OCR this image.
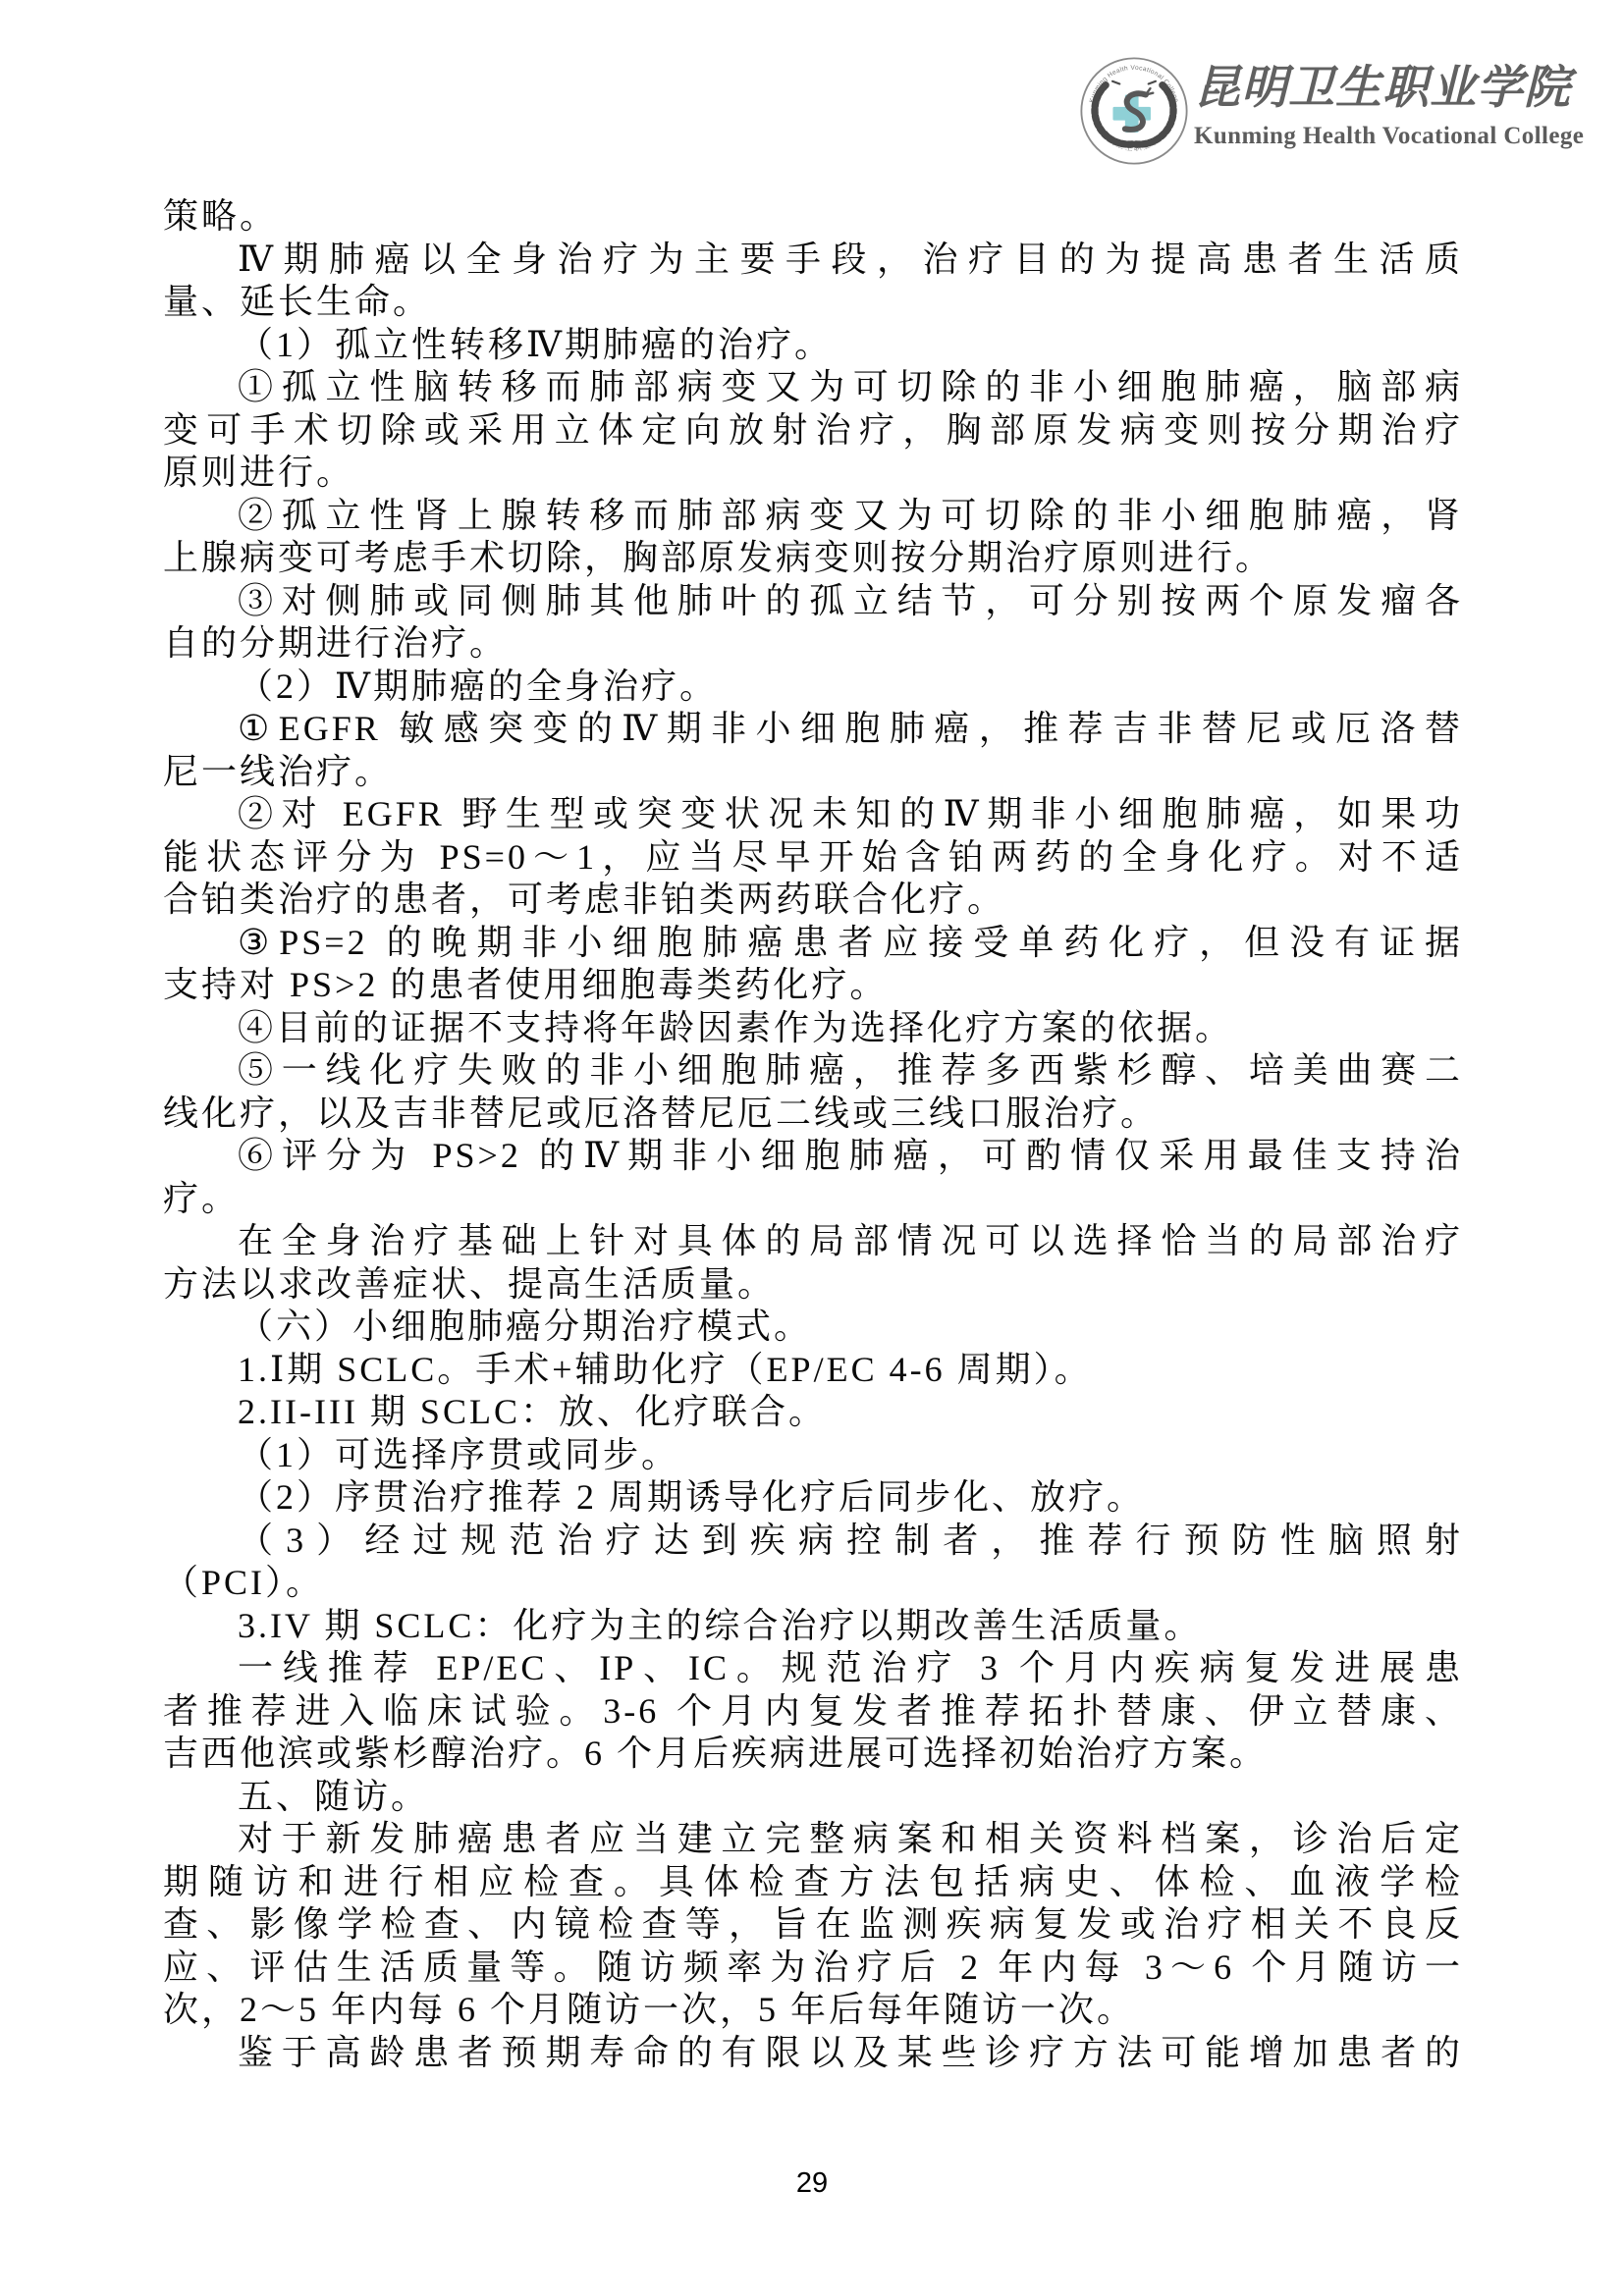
Kunming Health Vocational College
昆明卫生职业学院
昆明卫生职业学院
Kunming Health Vocational College
策略。
Ⅳ期肺癌以全身治疗为主要手段，治疗目的为提高患者生活质
量、延长生命。
（1）孤立性转移Ⅳ期肺癌的治疗。
①孤立性脑转移而肺部病变又为可切除的非小细胞肺癌，脑部病
变可手术切除或采用立体定向放射治疗，胸部原发病变则按分期治疗
原则进行。
②孤立性肾上腺转移而肺部病变又为可切除的非小细胞肺癌，肾
上腺病变可考虑手术切除，胸部原发病变则按分期治疗原则进行。
③对侧肺或同侧肺其他肺叶的孤立结节，可分别按两个原发瘤各
自的分期进行治疗。
（2）Ⅳ期肺癌的全身治疗。
①EGFR 敏感突变的Ⅳ期非小细胞肺癌，推荐吉非替尼或厄洛替
尼一线治疗。
②对 EGFR 野生型或突变状况未知的Ⅳ期非小细胞肺癌，如果功
能状态评分为 PS=0～1，应当尽早开始含铂两药的全身化疗。对不适
合铂类治疗的患者，可考虑非铂类两药联合化疗。
③PS=2 的晚期非小细胞肺癌患者应接受单药化疗，但没有证据
支持对 PS>2 的患者使用细胞毒类药化疗。
④目前的证据不支持将年龄因素作为选择化疗方案的依据。
⑤一线化疗失败的非小细胞肺癌，推荐多西紫杉醇、培美曲赛二
线化疗，以及吉非替尼或厄洛替尼厄二线或三线口服治疗。
⑥评分为 PS>2 的Ⅳ期非小细胞肺癌，可酌情仅采用最佳支持治
疗。
在全身治疗基础上针对具体的局部情况可以选择恰当的局部治疗
方法以求改善症状、提高生活质量。
（六）小细胞肺癌分期治疗模式。
1.Ⅰ期 SCLC。手术+辅助化疗（EP/EC 4-6 周期）。
2.II-III 期 SCLC：放、化疗联合。
（1）可选择序贯或同步。
（2）序贯治疗推荐 2 周期诱导化疗后同步化、放疗。
（3）经过规范治疗达到疾病控制者，推荐行预防性脑照射
（PCI）。
3.IV 期 SCLC：化疗为主的综合治疗以期改善生活质量。
一线推荐 EP/EC、IP、IC。规范治疗 3 个月内疾病复发进展患
者推荐进入临床试验。3-6 个月内复发者推荐拓扑替康、伊立替康、
吉西他滨或紫杉醇治疗。6 个月后疾病进展可选择初始治疗方案。
五、随访。
对于新发肺癌患者应当建立完整病案和相关资料档案，诊治后定
期随访和进行相应检查。具体检查方法包括病史、体检、血液学检
查、影像学检查、内镜检查等，旨在监测疾病复发或治疗相关不良反
应、评估生活质量等。随访频率为治疗后 2 年内每 3～6 个月随访一
次，2～5 年内每 6 个月随访一次，5 年后每年随访一次。
鉴于高龄患者预期寿命的有限以及某些诊疗方法可能增加患者的
29
